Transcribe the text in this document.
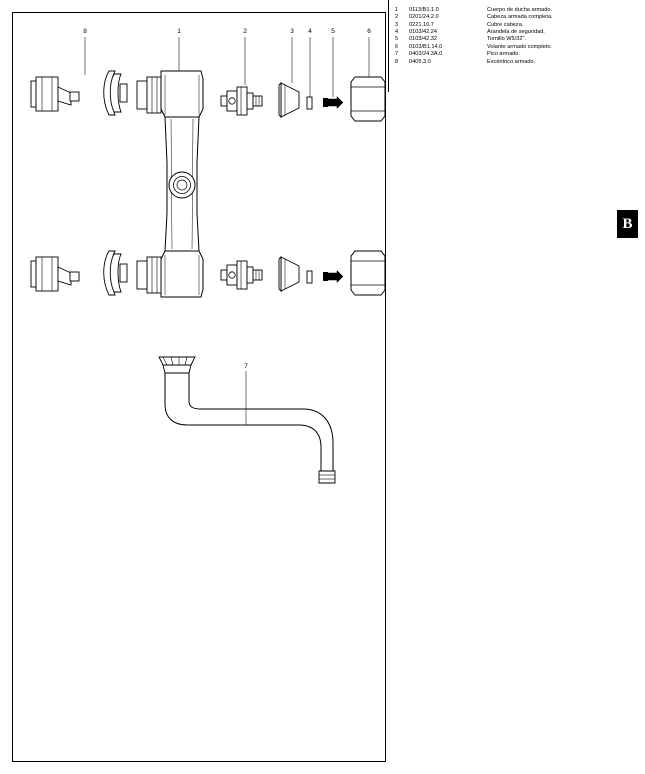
1	0113/B1.1.0	Cuerpo de ducha armado.
2	0201/24.2.0	Cabeza armada completa.
3	0221.10.7	Cubre cabeza.
4	0103/42.24	Arandela de seguridad.
5	0103/42.32	Tornillo W5/32".
6	0103/B1.14.0	Volante armado completo.
7	0403/24.3A.0	Pico armado.
8	0405.3.0	Excéntrico armado.
8	1	2	3 4	5	6
7
B
